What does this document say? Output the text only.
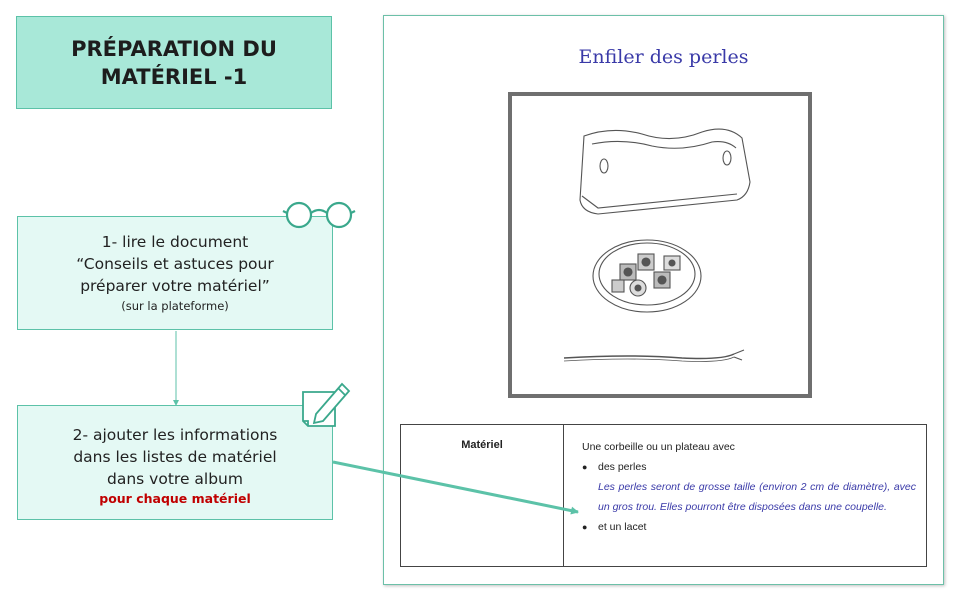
PRÉPARATION DU
MATÉRIEL -1
1- lire le document
“Conseils et astuces pour
préparer votre matériel”
(sur la plateforme)
2- ajouter les informations
dans les listes de matériel
dans votre album
pour chaque matériel
Enfiler des perles
Matériel	Une corbeille ou un plateau avec
●	des perles
Les perles seront de grosse taille (environ 2 cm de diamètre), avec un gros trou. Elles pourront être disposées dans une coupelle.
●	et un lacet
